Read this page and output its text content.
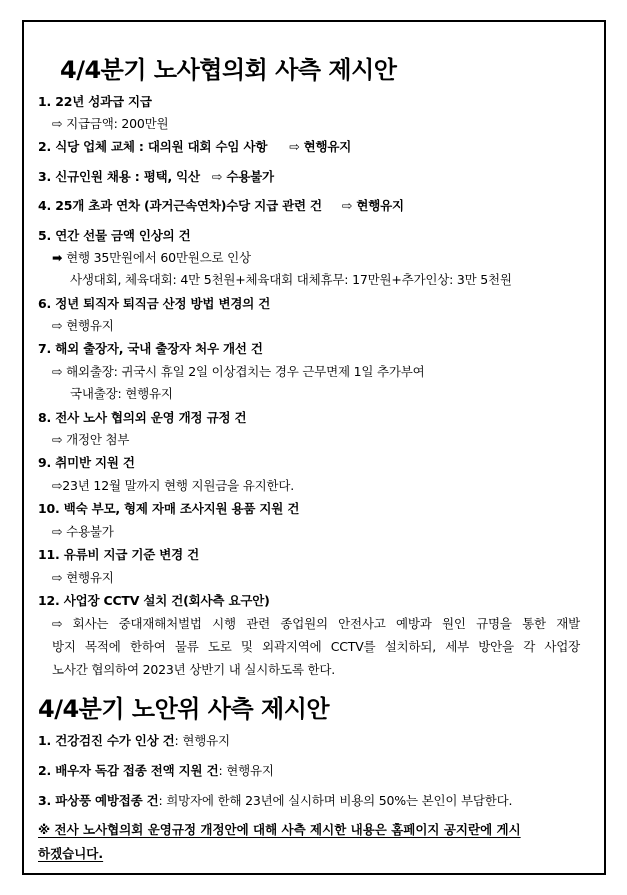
4/4분기 노사협의회 사측 제시안
1. 22년 성과급 지급
⇨ 지급금액: 200만원
2. 식당 업체 교체 : 대의원 대회 수임 사항 ⇨ 현행유지
3. 신규인원 채용 : 평택, 익산 ⇨ 수용불가
4. 25개 초과 연차 (과거근속연차)수당 지급 관련 건 ⇨ 현행유지
5. 연간 선물 금액 인상의 건
➡ 현행 35만원에서 60만원으로 인상
사생대회, 체육대회: 4만 5천원+체육대회 대체휴무: 17만원+추가인상: 3만 5천원
6. 정년 퇴직자 퇴직금 산정 방법 변경의 건
⇨ 현행유지
7. 해외 출장자, 국내 출장자 처우 개선 건
⇨ 해외출장: 귀국시 휴일 2일 이상겹치는 경우 근무면제 1일 추가부여
국내출장: 현행유지
8. 전사 노사 협의외 운영 개정 규정 건
⇨ 개정안 첨부
9. 취미반 지원 건
⇨23년 12월 말까지 현행 지원금을 유지한다.
10. 백숙 부모, 형제 자매 조사지원 용품 지원 건
⇨ 수용불가
11. 유류비 지급 기준 변경 건
⇨ 현행유지
12. 사업장 CCTV 설치 건(회사측 요구안)
⇨ 회사는 중대재해처벌법 시행 관련 종업원의 안전사고 예방과 원인 규명을 통한 재발
방지 목적에 한하여 물류 도로 및 외곽지역에 CCTV를 설치하되, 세부 방안을 각 사업장
노사간 협의하여 2023년 상반기 내 실시하도록 한다.
4/4분기 노안위 사측 제시안
1. 건강검진 수가 인상 건: 현행유지
2. 배우자 독감 접종 전액 지원 건: 현행유지
3. 파상풍 예방접종 건: 희망자에 한해 23년에 실시하며 비용의 50%는 본인이 부담한다.
※ 전사 노사협의회 운영규정 개정안에 대해 사측 제시한 내용은 홈페이지 공지란에 게시
하겠습니다.
